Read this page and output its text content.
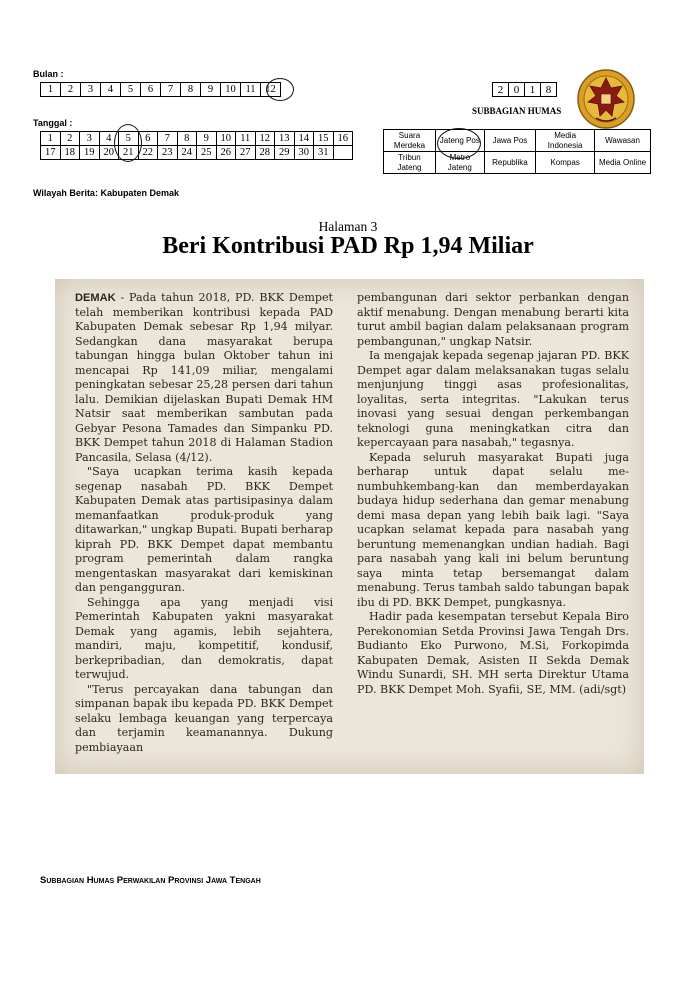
Bulan :
1	2	3	4	5	6	7	8	9	10	11	12
Tanggal :
1	2	3	4	5	6	7	8	9	10	11	12	13	14	15	16
17	18	19	20	21	22	23	24	25	26	27	28	29	30	31	
2	0	1	8
SUBBAGIAN HUMAS
Suara Merdeka	Jateng Pos	Jawa Pos	Media Indonesia	Wawasan
Tribun Jateng	Metro Jateng	Republika	Kompas	Media Online
Wilayah Berita: Kabupaten Demak
Halaman 3
Beri Kontribusi PAD Rp 1,94 Miliar

DEMAK - Pada tahun 2018, PD. BKK Dempet telah memberikan kontribusi kepada PAD Kabupaten Demak sebesar Rp 1,94 milyar. Sedangkan dana masyarakat berupa tabungan hingga bulan Oktober tahun ini mencapai Rp 141,09 miliar, mengalami peningkatan sebesar 25,28 persen dari tahun lalu. Demikian dijelaskan Bupati Demak HM Natsir saat memberikan sambutan pada Gebyar Pesona Tamades dan Simpanku PD. BKK Dempet tahun 2018 di Halaman Stadion Pancasila, Selasa (4/12).

"Saya ucapkan terima kasih kepada segenap nasabah PD. BKK Dempet Kabupaten Demak atas partisipasinya dalam memanfaatkan produk-produk yang ditawarkan," ungkap Bupati. Bupati berharap kiprah PD. BKK Dempet dapat membantu program pemerintah dalam rangka mengentaskan masyarakat dari kemiskinan dan pengangguran.

Sehingga apa yang menjadi visi Pemerintah Kabupaten yakni masyarakat Demak yang agamis, lebih sejahtera, mandiri, maju, kompetitif, kondusif, berkepribadian, dan demokratis, dapat terwujud.

"Terus percayakan dana tabungan dan simpanan bapak ibu kepada PD. BKK Dempet selaku lembaga keuangan yang terpercaya dan terjamin keamanannya. Dukung pembiayaan

pembangunan dari sektor perbankan dengan aktif menabung. Dengan menabung berarti kita turut ambil bagian dalam pelaksanaan program pembangunan," ungkap Natsir.

Ia mengajak kepada segenap jajaran PD. BKK Dempet agar dalam melaksanakan tugas selalu menjunjung tinggi asas profesionalitas, loyalitas, serta integritas. "Lakukan terus inovasi yang sesuai dengan perkembangan teknologi guna meningkatkan citra dan kepercayaan para nasabah," tegasnya.

Kepada seluruh masyarakat Bupati juga berharap untuk dapat selalu me-numbuhkembang-kan dan memberdayakan budaya hidup sederhana dan gemar menabung demi masa depan yang lebih baik lagi. "Saya ucapkan selamat kepada para nasabah yang beruntung memenangkan undian hadiah. Bagi para nasabah yang kali ini belum beruntung saya minta tetap bersemangat dalam menabung. Terus tambah saldo tabungan bapak ibu di PD. BKK Dempet, pungkasnya.

Hadir pada kesempatan tersebut Kepala Biro Perekonomian Setda Provinsi Jawa Tengah Drs. Budianto Eko Purwono, M.Si, Forkopimda Kabupaten Demak, Asisten II Sekda Demak Windu Sunardi, SH. MH serta Direktur Utama PD. BKK Dempet Moh. Syafii, SE, MM. (adi/sgt)

Subbagian Humas Perwakilan Provinsi Jawa Tengah
